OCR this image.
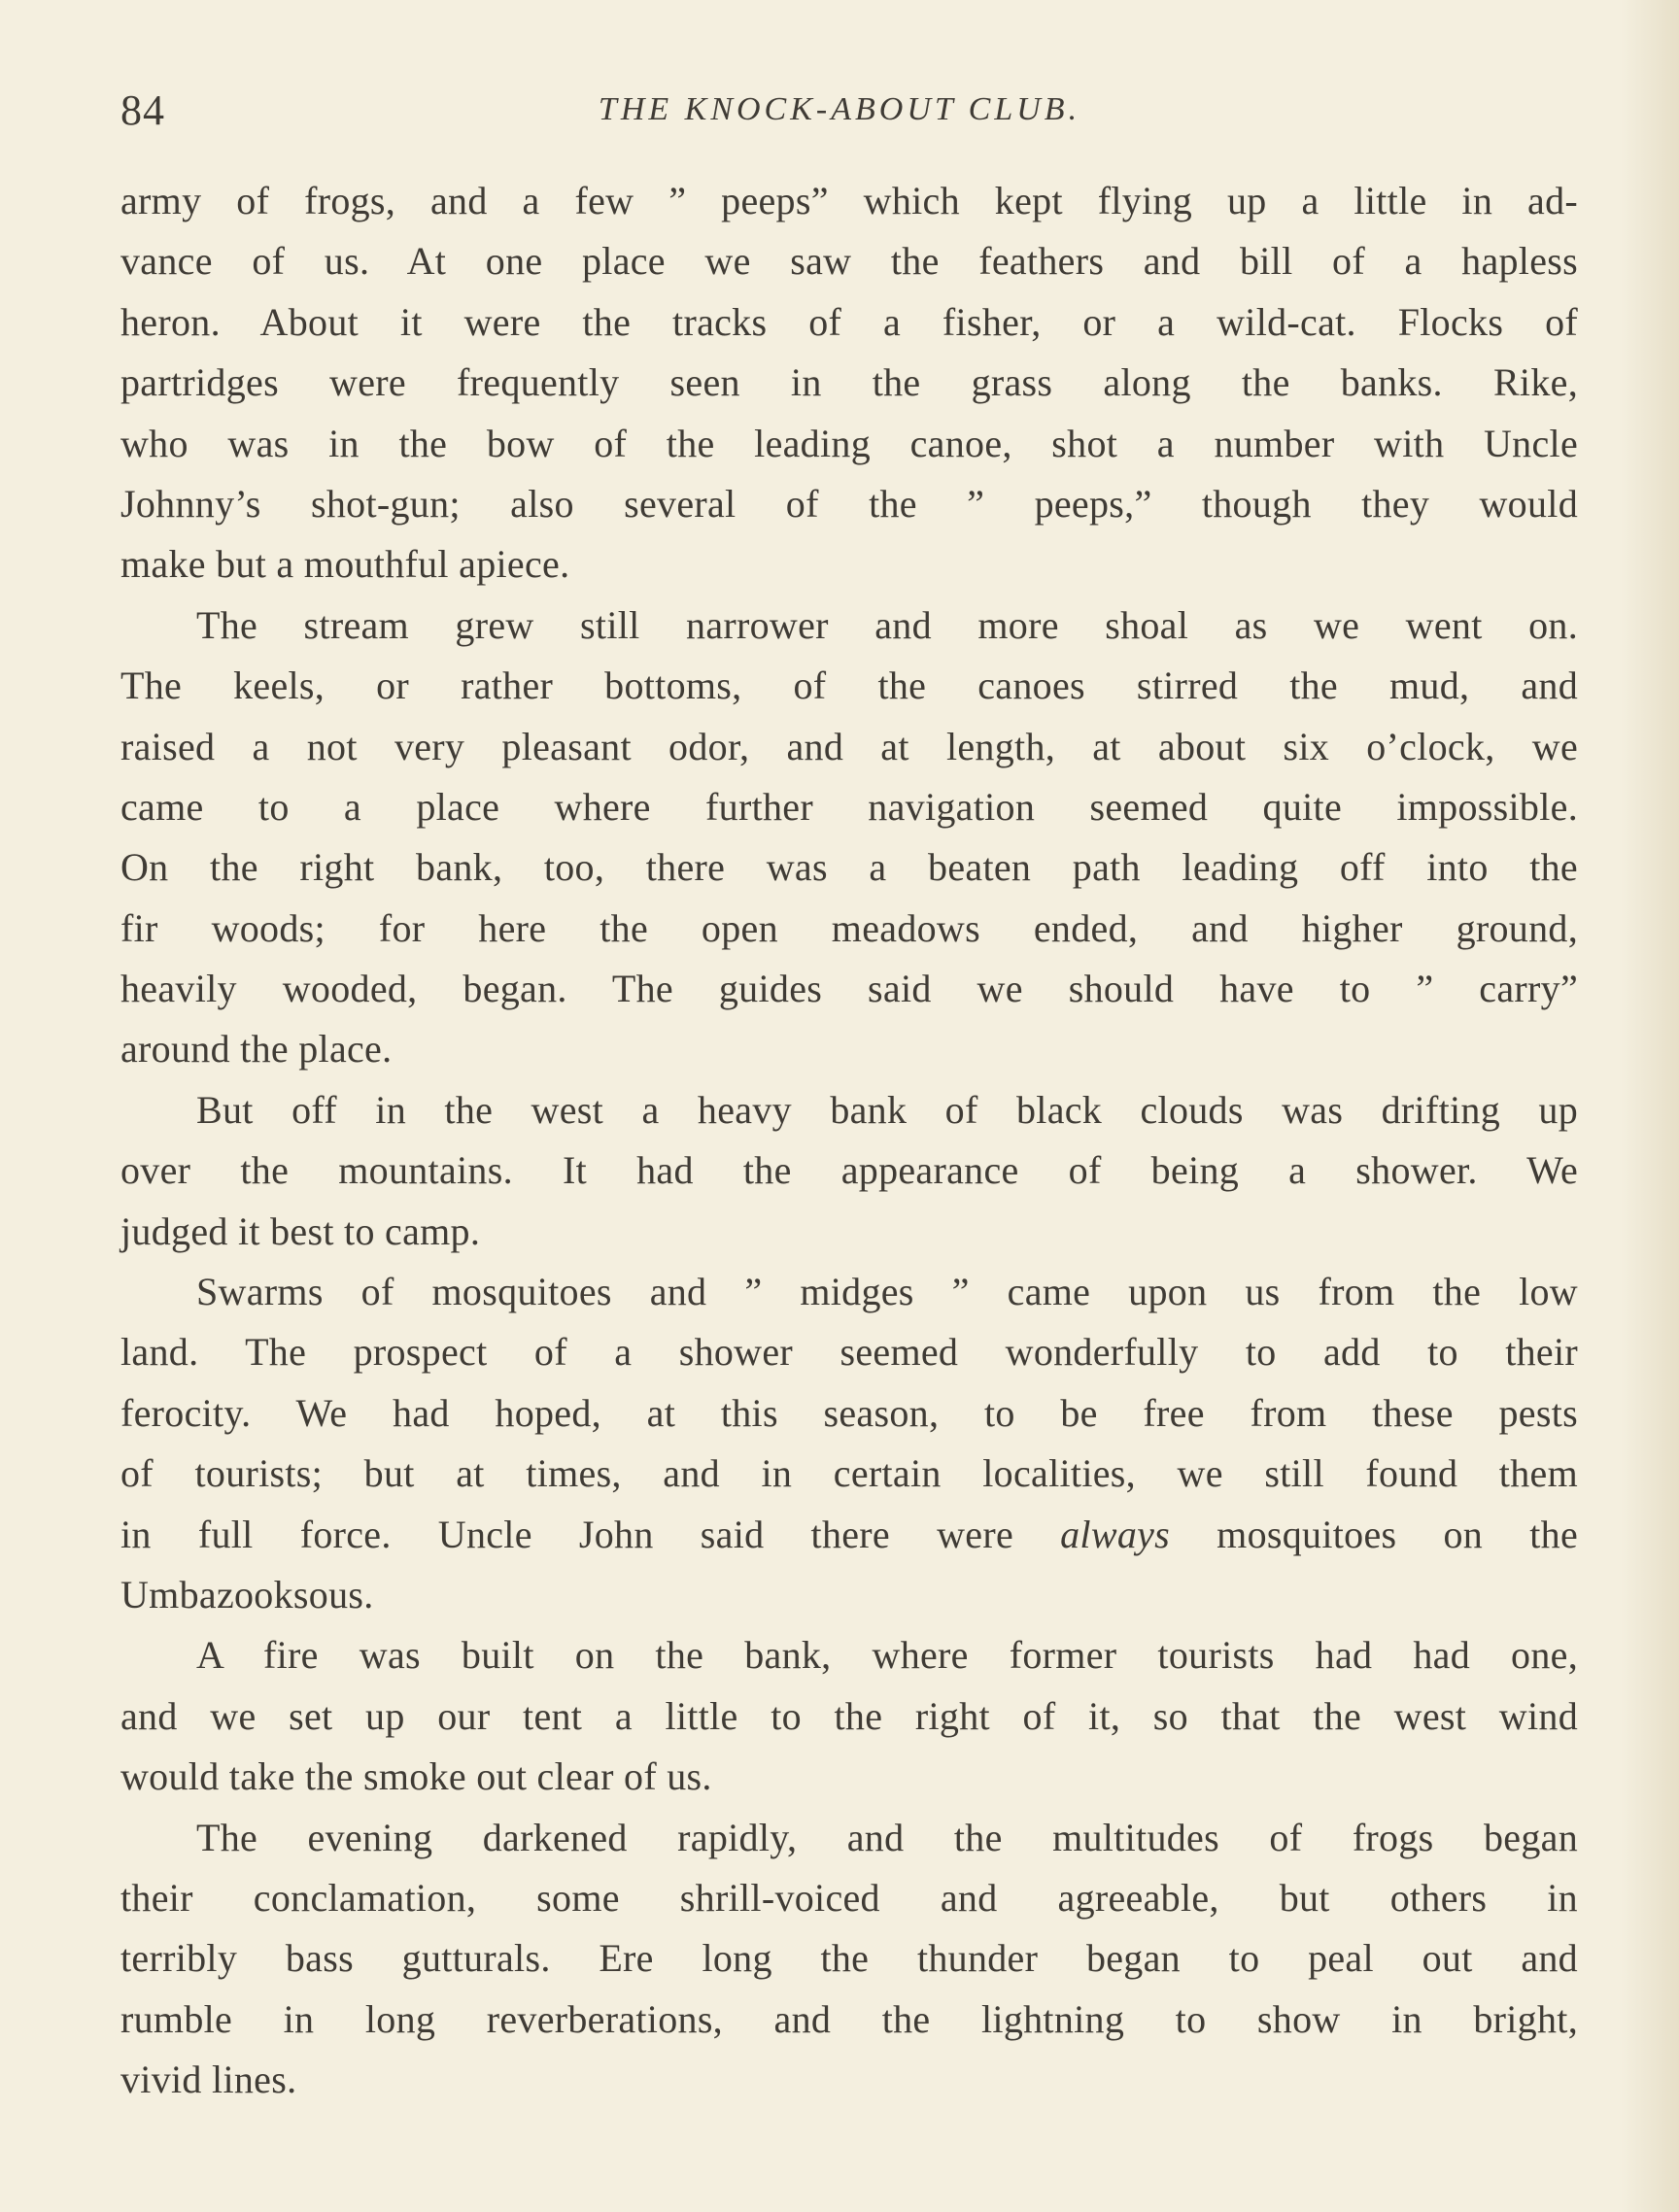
84	THE KNOCK-ABOUT CLUB.
army of frogs, and a few ” peeps” which kept flying up a little in ad-
vance of us. At one place we saw the feathers and bill of a hapless
heron. About it were the tracks of a fisher, or a wild-cat. Flocks of
partridges were frequently seen in the grass along the banks. Rike,
who was in the bow of the leading canoe, shot a number with Uncle
Johnny’s shot-gun; also several of the ” peeps,” though they would
make but a mouthful apiece.
The stream grew still narrower and more shoal as we went on.
The keels, or rather bottoms, of the canoes stirred the mud, and
raised a not very pleasant odor, and at length, at about six o’clock, we
came to a place where further navigation seemed quite impossible.
On the right bank, too, there was a beaten path leading off into the
fir woods; for here the open meadows ended, and higher ground,
heavily wooded, began. The guides said we should have to ” carry”
around the place.
But off in the west a heavy bank of black clouds was drifting up
over the mountains. It had the appearance of being a shower. We
judged it best to camp.
Swarms of mosquitoes and ” midges ” came upon us from the low
land. The prospect of a shower seemed wonderfully to add to their
ferocity. We had hoped, at this season, to be free from these pests
of tourists; but at times, and in certain localities, we still found them
in full force. Uncle John said there were always mosquitoes on the
Umbazooksous.
A fire was built on the bank, where former tourists had had one,
and we set up our tent a little to the right of it, so that the west wind
would take the smoke out clear of us.
The evening darkened rapidly, and the multitudes of frogs began
their conclamation, some shrill-voiced and agreeable, but others in
terribly bass gutturals. Ere long the thunder began to peal out and
rumble in long reverberations, and the lightning to show in bright,
vivid lines.
